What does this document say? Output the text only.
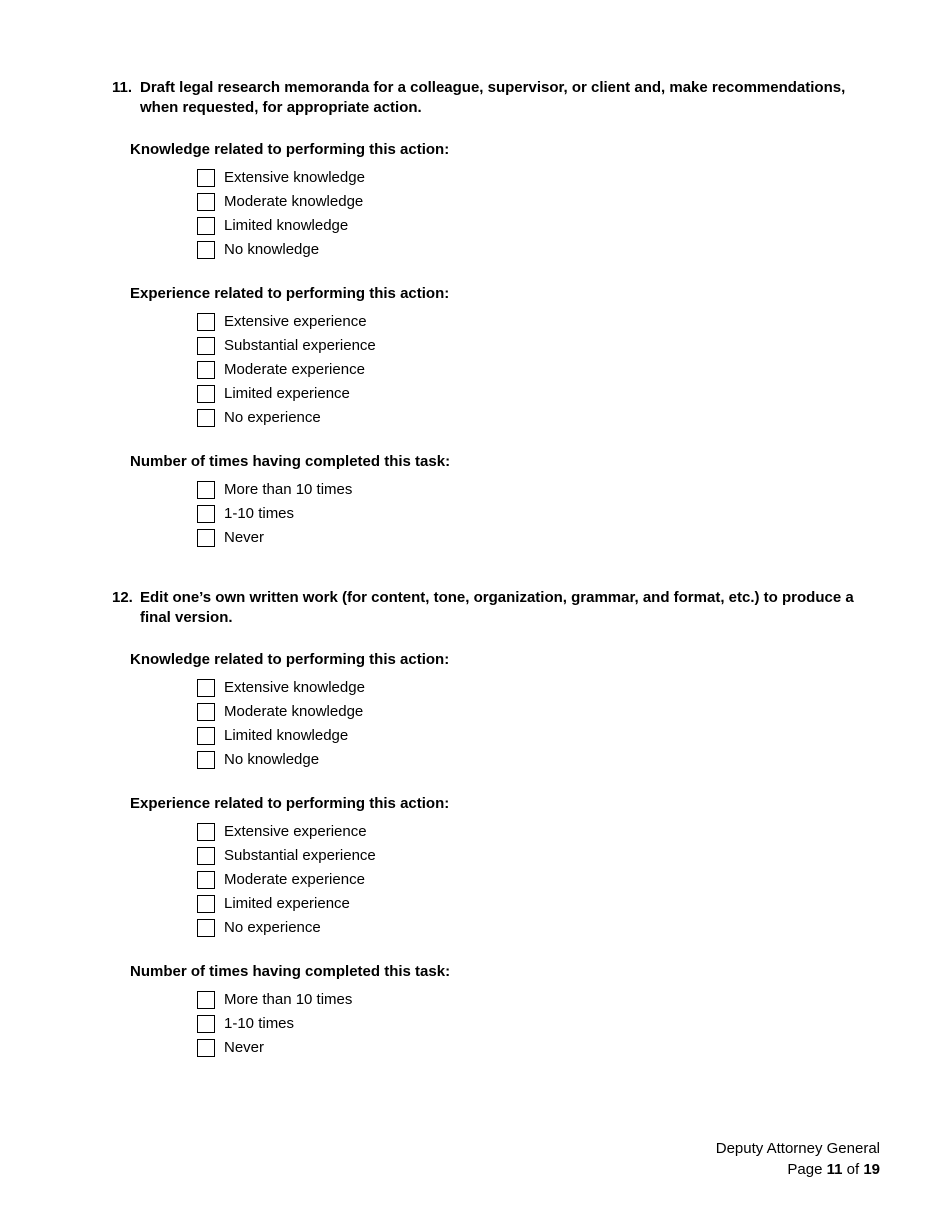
11. Draft legal research memoranda for a colleague, supervisor, or client and, make recommendations, when requested, for appropriate action.
Knowledge related to performing this action:
Extensive knowledge
Moderate knowledge
Limited knowledge
No knowledge
Experience related to performing this action:
Extensive experience
Substantial experience
Moderate experience
Limited experience
No experience
Number of times having completed this task:
More than 10 times
1-10 times
Never
12. Edit one’s own written work (for content, tone, organization, grammar, and format, etc.) to produce a final version.
Knowledge related to performing this action:
Extensive knowledge
Moderate knowledge
Limited knowledge
No knowledge
Experience related to performing this action:
Extensive experience
Substantial experience
Moderate experience
Limited experience
No experience
Number of times having completed this task:
More than 10 times
1-10 times
Never
Deputy Attorney General
Page 11 of 19
